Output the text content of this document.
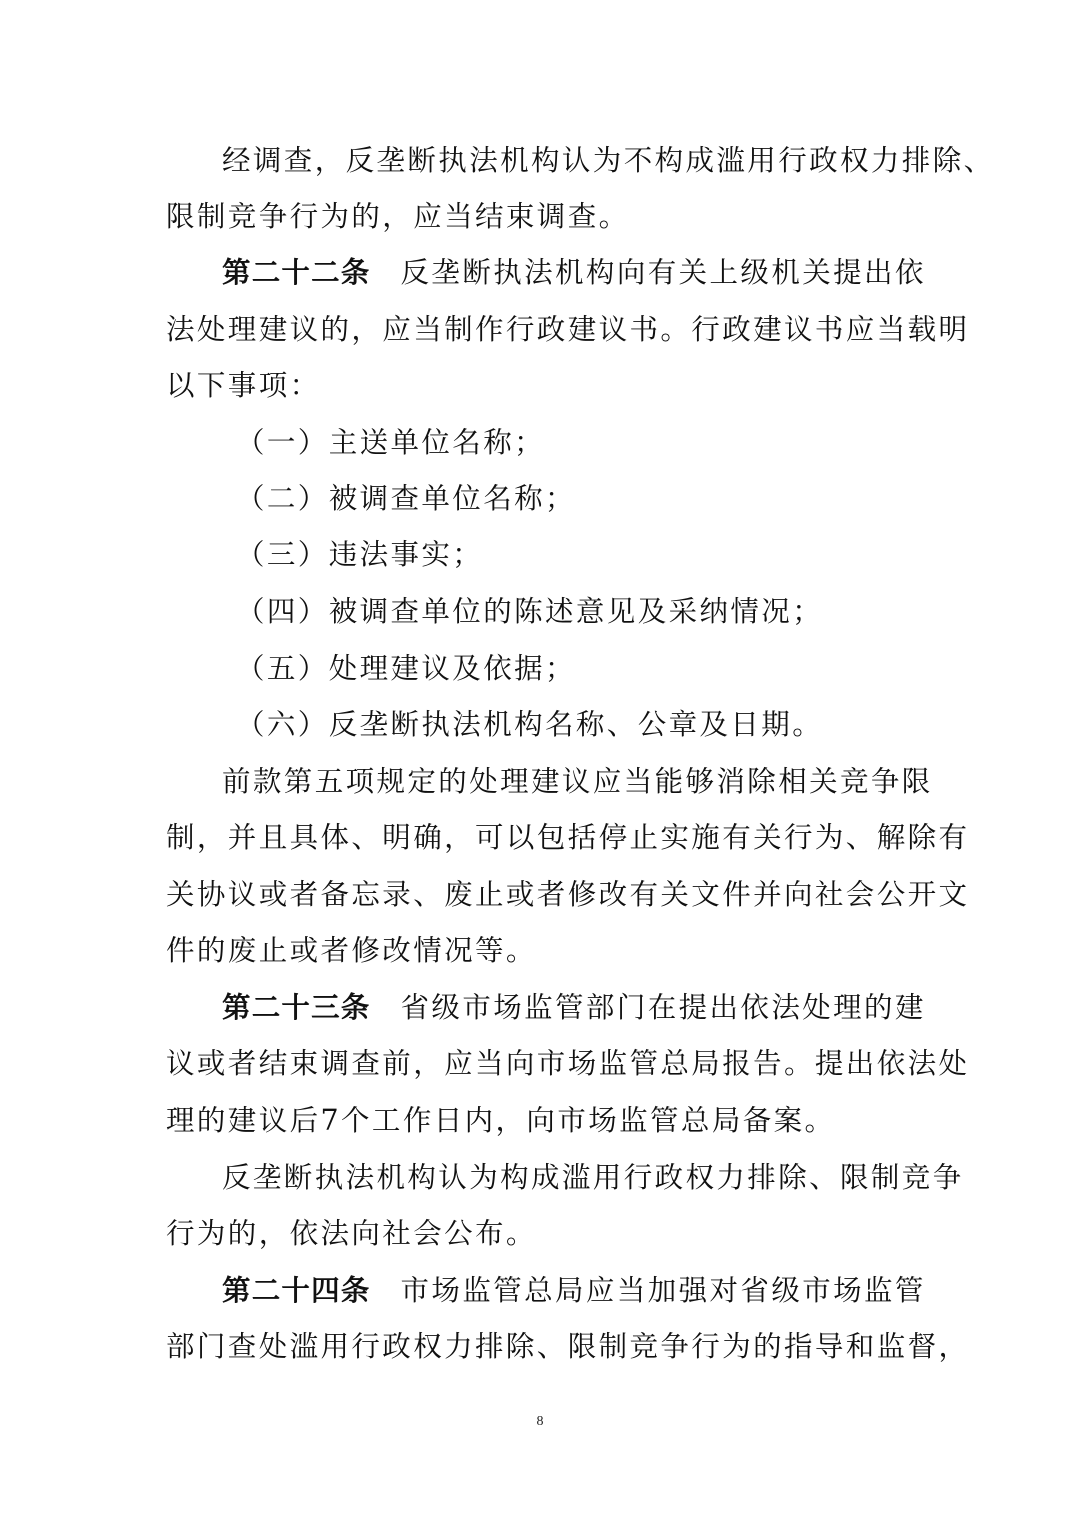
经调查，反垄断执法机构认为不构成滥用行政权力排除、
限制竞争行为的，应当结束调查。
第二十二条 反垄断执法机构向有关上级机关提出依
法处理建议的，应当制作行政建议书。行政建议书应当载明
以下事项：
（一）主送单位名称；
（二）被调查单位名称；
（三）违法事实；
（四）被调查单位的陈述意见及采纳情况；
（五）处理建议及依据；
（六）反垄断执法机构名称、公章及日期。
前款第五项规定的处理建议应当能够消除相关竞争限
制，并且具体、明确，可以包括停止实施有关行为、解除有
关协议或者备忘录、废止或者修改有关文件并向社会公开文
件的废止或者修改情况等。
第二十三条 省级市场监管部门在提出依法处理的建
议或者结束调查前，应当向市场监管总局报告。提出依法处
理的建议后7个工作日内，向市场监管总局备案。
反垄断执法机构认为构成滥用行政权力排除、限制竞争
行为的，依法向社会公布。
第二十四条 市场监管总局应当加强对省级市场监管
部门查处滥用行政权力排除、限制竞争行为的指导和监督，
8
